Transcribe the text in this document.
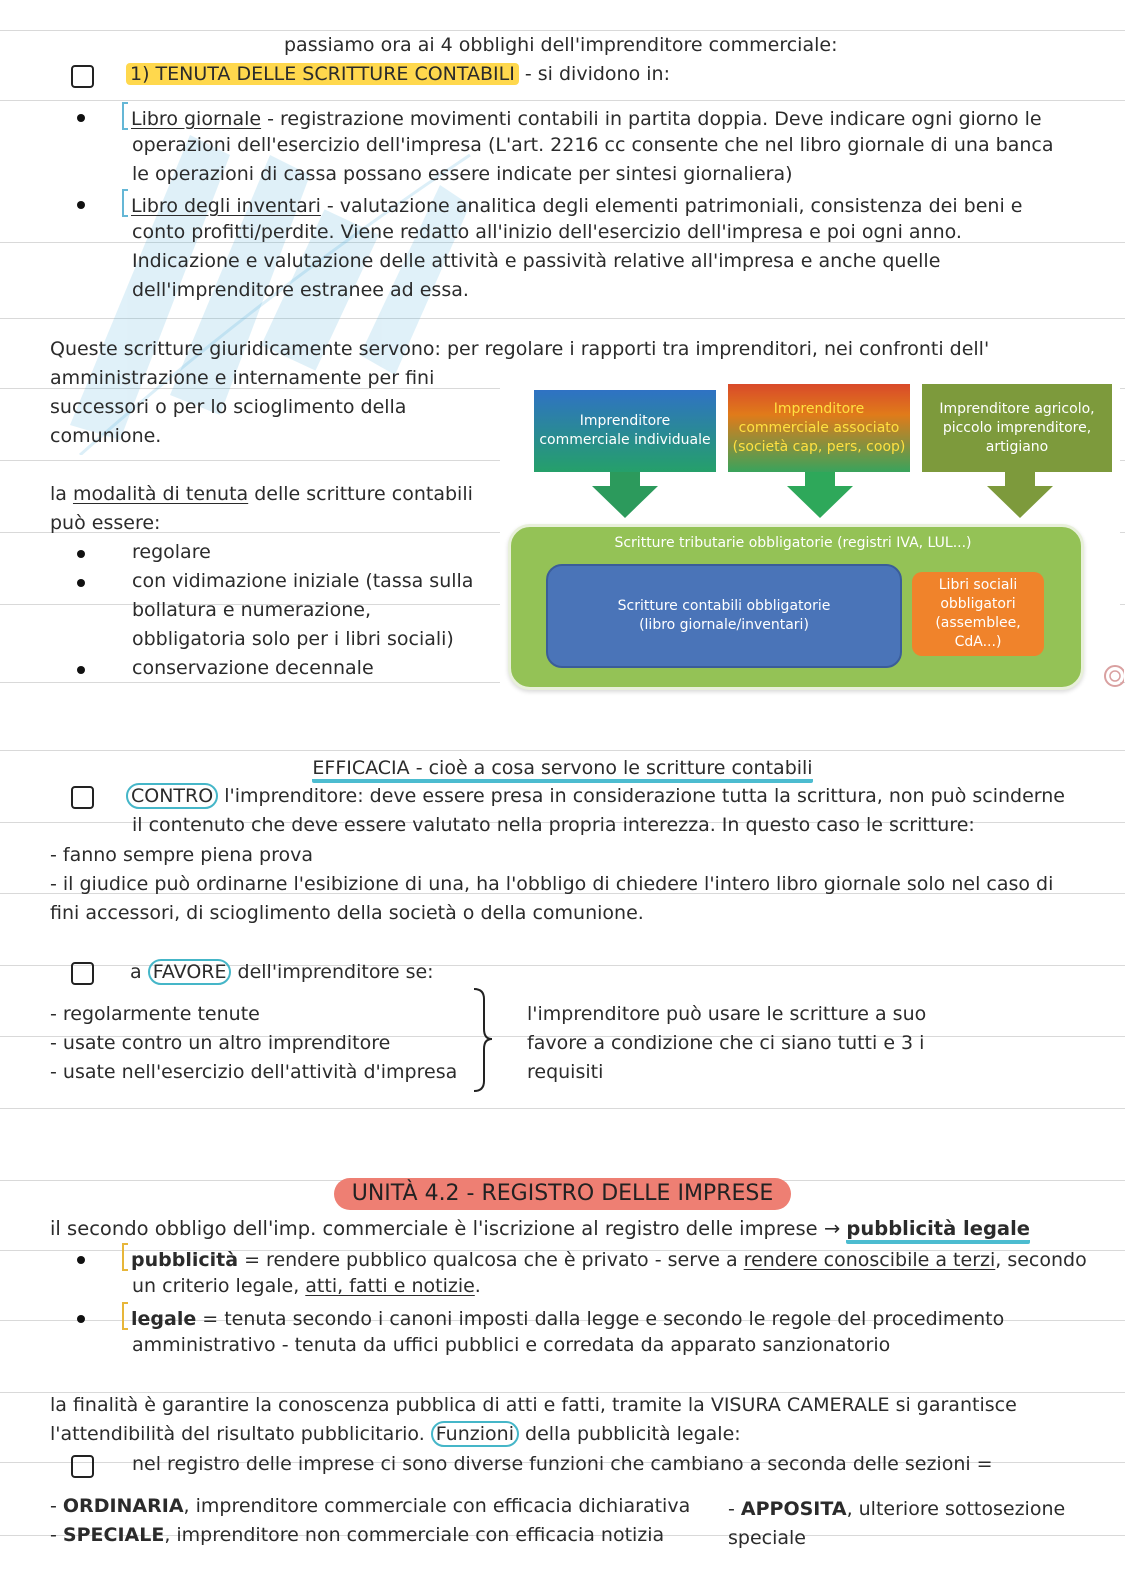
passiamo ora ai 4 obblighi dell'imprenditore commerciale:
1) TENUTA DELLE SCRITTURE CONTABILI - si dividono in:
Libro giornale - registrazione movimenti contabili in partita doppia. Deve indicare ogni giorno le
operazioni dell'esercizio dell'impresa (L'art. 2216 cc consente che nel libro giornale di una banca
le operazioni di cassa possano essere indicate per sintesi giornaliera)
Libro degli inventari - valutazione analitica degli elementi patrimoniali, consistenza dei beni e
conto profitti/perdite. Viene redatto all'inizio dell'esercizio dell'impresa e poi ogni anno.
Indicazione e valutazione delle attività e passività relative all'impresa e anche quelle
dell'imprenditore estranee ad essa.
Queste scritture giuridicamente servono: per regolare i rapporti tra imprenditori, nei confronti dell'
amministrazione e internamente per fini
successori o per lo scioglimento della
comunione.
la modalità di tenuta delle scritture contabili
può essere:
regolare
con vidimazione iniziale (tassa sulla
bollatura e numerazione,
obbligatoria solo per i libri sociali)
conservazione decennale
Imprenditore commerciale individuale
Imprenditore
commerciale associato
(società cap, pers, coop)
Imprenditore agricolo, piccolo imprenditore, artigiano
Scritture tributarie obbligatorie (registri IVA, LUL...)
Scritture contabili obbligatorie (libro giornale/inventari)
Libri sociali obbligatori (assemblee, CdA...)
EFFICACIA - cioè a cosa servono le scritture contabili
CONTRO l'imprenditore: deve essere presa in considerazione tutta la scrittura, non può scinderne
il contenuto che deve essere valutato nella propria interezza. In questo caso le scritture:
- fanno sempre piena prova
- il giudice può ordinarne l'esibizione di una, ha l'obbligo di chiedere l'intero libro giornale solo nel caso di
fini accessori, di scioglimento della società o della comunione.
a FAVORE dell'imprenditore se:
- regolarmente tenute
- usate contro un altro imprenditore
- usate nell'esercizio dell'attività d'impresa
l'imprenditore può usare le scritture a suo
favore a condizione che ci siano tutti e 3 i
requisiti
UNITÀ 4.2 - REGISTRO DELLE IMPRESE
il secondo obbligo dell'imp. commerciale è l'iscrizione al registro delle imprese → pubblicità legale
pubblicità = rendere pubblico qualcosa che è privato - serve a rendere conoscibile a terzi, secondo
un criterio legale, atti, fatti e notizie.
legale = tenuta secondo i canoni imposti dalla legge e secondo le regole del procedimento
amministrativo - tenuta da uffici pubblici e corredata da apparato sanzionatorio
la finalità è garantire la conoscenza pubblica di atti e fatti, tramite la VISURA CAMERALE si garantisce
l'attendibilità del risultato pubblicitario. Funzioni della pubblicità legale:
nel registro delle imprese ci sono diverse funzioni che cambiano a seconda delle sezioni =
- ORDINARIA, imprenditore commerciale con efficacia dichiarativa
- SPECIALE, imprenditore non commerciale con efficacia notizia
- APPOSITA, ulteriore sottosezione
speciale
